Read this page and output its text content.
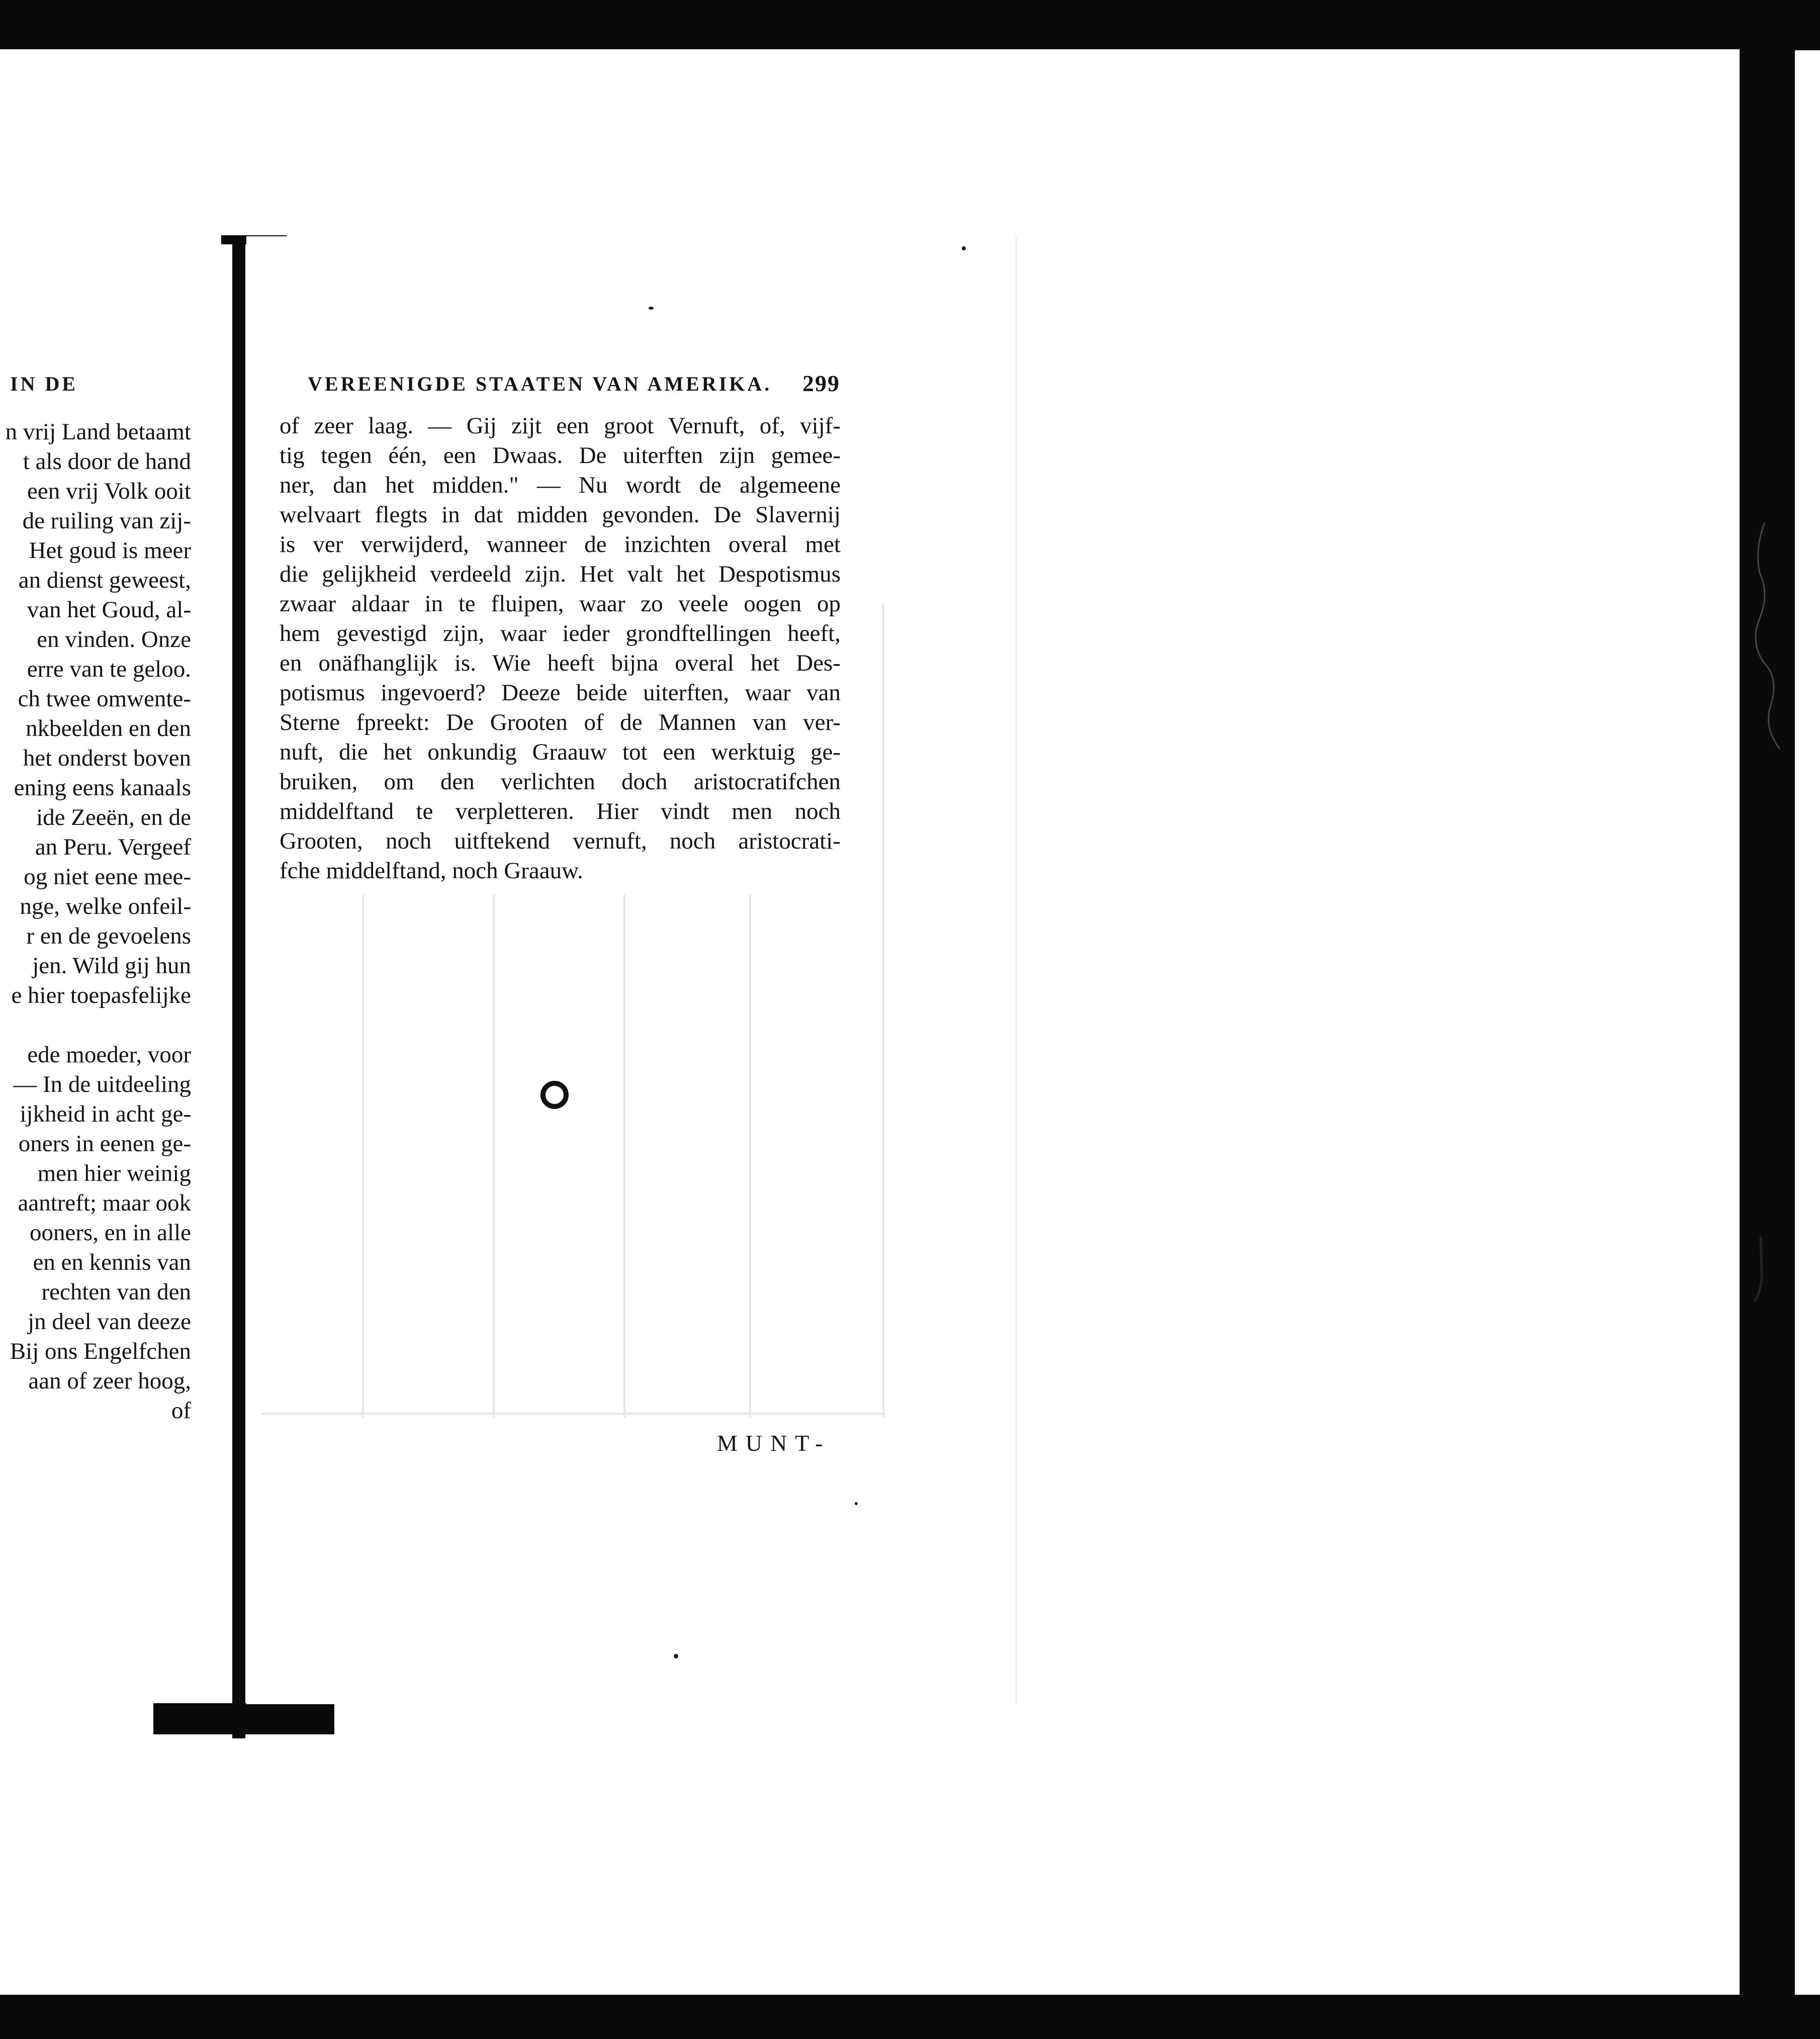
IN DE
n vrij Land betaamt
t als door de hand
een vrij Volk ooit
de ruiling van zij-
Het goud is meer
an dienst geweest,
van het Goud, al-
en vinden. Onze
erre van te geloo.
ch twee omwente-
nkbeelden en den
het onderst boven
ening eens kanaals
ide Zeeën, en de
an Peru. Vergeef
og niet eene mee-
nge, welke onfeil-
r en de gevoelens
jen. Wild gij hun
e hier toepasfelijke
ede moeder, voor
— In de uitdeeling
ijkheid in acht ge-
oners in eenen ge-
men hier weinig
aantreft; maar ook
ooners, en in alle
en en kennis van
rechten van den
jn deel van deeze
Bij ons Engelfchen
aan of zeer hoog,
of
VEREENIGDE STAATEN VAN AMERIKA. 299
of zeer laag. — Gij zijt een groot Vernuft, of, vijf-
tig tegen één, een Dwaas. De uiterften zijn gemee-
ner, dan het midden." — Nu wordt de algemeene
welvaart flegts in dat midden gevonden. De Slavernij
is ver verwijderd, wanneer de inzichten overal met
die gelijkheid verdeeld zijn. Het valt het Despotismus
zwaar aldaar in te fluipen, waar zo veele oogen op
hem gevestigd zijn, waar ieder grondftellingen heeft,
en onäfhanglijk is. Wie heeft bijna overal het Des-
potismus ingevoerd? Deeze beide uiterften, waar van
Sterne fpreekt: De Grooten of de Mannen van ver-
nuft, die het onkundig Graauw tot een werktuig ge-
bruiken, om den verlichten doch aristocratifchen
middelftand te verpletteren. Hier vindt men noch
Grooten, noch uitftekend vernuft, noch aristocrati-
fche middelftand, noch Graauw.
MUNT-
